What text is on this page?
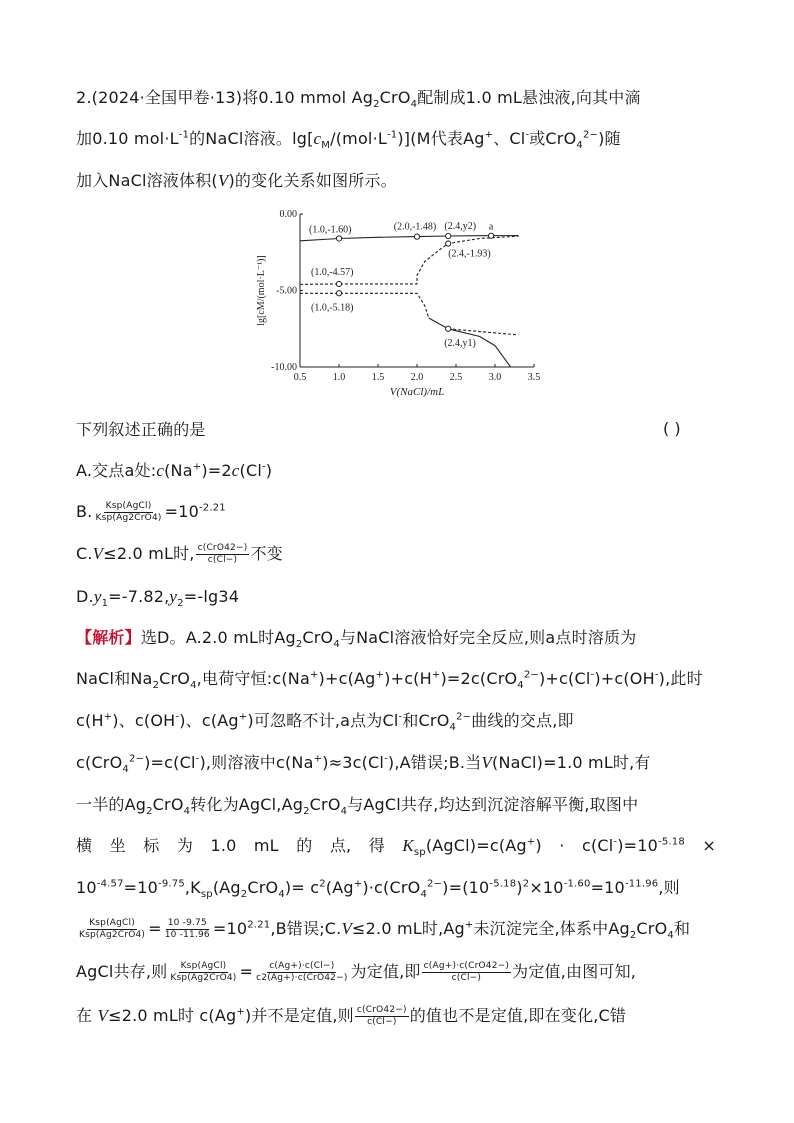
2.(2024·全国甲卷·13)将0.10 mmol $Ag_2CrO_4$配制成1.0 mL悬浊液,向其中滴
加0.10 $mol\cdot L^{-1}$的NaCl溶液。$\lg[c_M/(mol\cdot L^{-1})](M$代表Ag+、Cl-或CrO$_4^{2-}$)随
加入NaCl溶液体积(V)的变化关系如图所示。
0.5	1.0	1.5	2.0	2.5	3.0	3.5
0.00
-5.00
-10.00
V(NaCl)/mL
lg[cM/(mol·L⁻¹)]
(1.0,-1.60)	(2.0,-1.48) (2.4,y2) a
(2.4,-1.93)
(1.0,-4.57)
(1.0,-5.18)
(2.4,y1)
下列叙述正确的是	( )
A.交点a处:c(Na+)=2c(Cl-)
B. $\frac{\text{Ksp(AgCl)}}{\text{Ksp(Ag2CrO4)}} =10^{-2.21}$
C.V≤2.0 mL时, $\frac{\text{c(CrO42−)}}{c(Cl-)}$ 不变
$D.y_1=-7.82,y_2=-\lg 34$
【解析】选D。A.2.0 mL时$Ag_2CrO_4$与NaCl溶液恰好完全反应,则a点时溶质为
NaCl和$Na_2CrO_4$,电荷守恒:c(Na+)+c(Ag+)+c(H+)=2c(CrO$_4^{2-}$)+c(Cl-)+c(OH-),此时
c(H+)、c(OH-)、c(Ag+)可忽略不计,a点为Cl-和CrO$_4^{2-}$曲线的交点,即
c(CrO$_4^{2-}$)=c(Cl-),则溶液中c(Na+)≈3c(Cl-),A错误;B.当V(NaCl)=1.0 mL时,有
一半的$Ag_2CrO_4$转化为$AgCl,Ag_2CrO_4$与AgCl共存,均达到沉淀溶解平衡,取图中
横 坐 标 为 1.0 mL 的 点, 得 $K_{sp}(AgCl)=c(Ag^+) \cdot c(Cl^-)=10^{-5.18}$ ×
$10^{-4.57}=10^{-9.75},K_{sp}(Ag_2CrO_4)= c^2(Ag^+)\cdot c(CrO_4^{2-})=(10^{-5.18})^2\times 10^{-1.60}=10^{-11.96}$,则
$\frac{\text{Ksp(AgCl)}}{\text{Ksp(Ag2CrO4)}} = \frac{10 -9.75}{10 -11.96} =10^{2.21},B$错误;C.V≤2.0 mL时,Ag+未沉淀完全,体系中$Ag_2CrO_4$和
AgCl共存,则 $\frac{\text{Ksp(AgCl)}}{\text{Ksp(Ag2CrO4)}} = \frac{c(Ag+)\cdot c(Cl-)}{\text{c2(Ag+)·c(CrO42−)}}$ 为定值,即 $\frac{\text{c(Ag+)·c(CrO42−)}}{c(Cl-)}$ 为定值,由图可知,
在 V≤2.0 mL时 c(Ag+)并不是定值,则 $\frac{\text{c(CrO42−)}}{c(Cl-)}$ 的值也不是定值,即在变化,C错
